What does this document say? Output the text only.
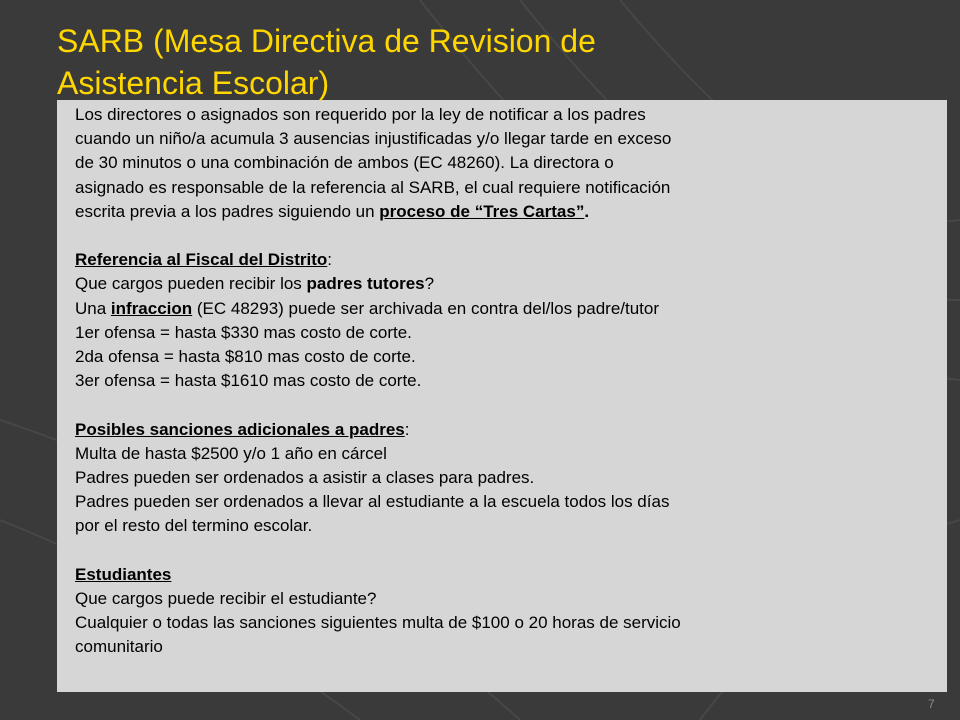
SARB (Mesa Directiva de Revision de
Asistencia Escolar)

Los directores o asignados son requerido por la ley de notificar a los padres

cuando un niño/a acumula 3 ausencias injustificadas y/o llegar tarde en exceso

de 30 minutos o una combinación de ambos (EC 48260). La directora o

asignado es responsable de la referencia al SARB, el cual requiere notificación

escrita previa a los padres siguiendo un proceso de “Tres Cartas”.

Referencia al Fiscal del Distrito:

Que cargos pueden recibir los padres tutores?

Una infraccion (EC 48293) puede ser archivada en contra del/los padre/tutor

1er ofensa = hasta $330 mas costo de corte.

2da ofensa = hasta $810 mas costo de corte.

3er ofensa = hasta $1610 mas costo de corte.

Posibles sanciones adicionales a padres:

Multa de hasta $2500 y/o 1 año en cárcel

Padres pueden ser ordenados a asistir a clases para padres.

Padres pueden ser ordenados a llevar al estudiante a la escuela todos los días

por el resto del termino escolar.

Estudiantes

Que cargos puede recibir el estudiante?

Cualquier o todas las sanciones siguientes multa de $100 o 20 horas de servicio

comunitario

7
